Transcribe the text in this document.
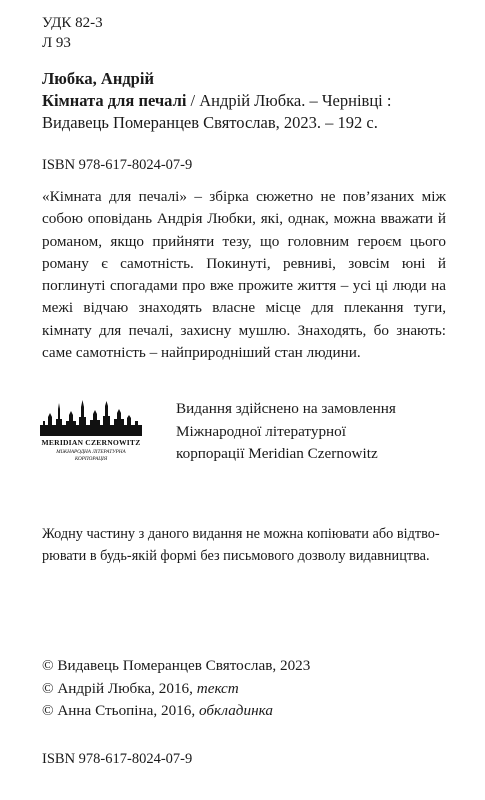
УДК 82-3
Л 93
Любка, Андрій
Кімната для печалі / Андрій Любка. – Чернівці :
Видавець Померанцев Святослав, 2023. – 192 с.
ISBN 978-617-8024-07-9
«Кімната для печалі» – збірка сюжетно не пов’язаних між собою оповідань Андрія Любки, які, однак, можна вважати й романом, якщо прийняти тезу, що головним героєм цього роману є самотність. Покинуті, ревниві, зовсім юні й поглинуті спогадами про вже прожите життя – усі ці люди на межі відчаю знаходять власне місце для плекання туги, кімнату для печалі, захисну мушлю. Знаходять, бо знають: саме самотність – найприродніший стан людини.
MERIDIAN CZERNOWITZ
МІЖНАРОДНА ЛІТЕРАТУРНА
КОРПОРАЦІЯ
Видання здійснено на замовлення
Міжнародної літературної
корпорації Meridian Czernowitz
Жодну частину з даного видання не можна копіювати або відтво-
рювати в будь-якій формі без письмового дозволу видавництва.
© Видавець Померанцев Святослав, 2023
© Андрій Любка, 2016, текст
© Анна Стьопіна, 2016, обкладинка
ISBN 978-617-8024-07-9
